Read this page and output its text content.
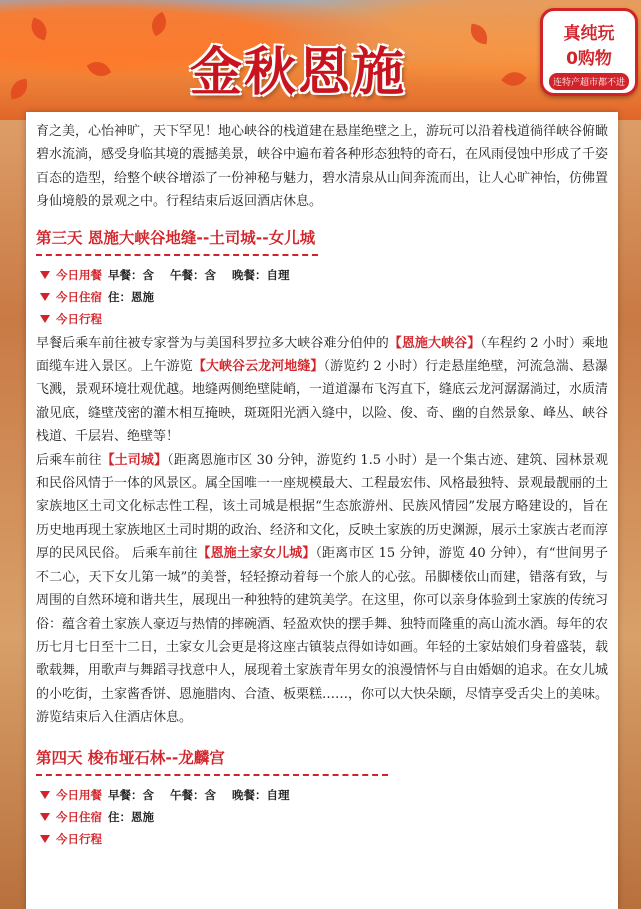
金秋恩施
真纯玩
0购物
连特产超市都不进

育之美，心怡神旷，天下罕见！地心峡谷的栈道建在悬崖绝壁之上，游玩可以沿着栈道徜徉峡谷俯瞰碧水流淌，感受身临其境的震撼美景，峡谷中遍布着各种形态独特的奇石，在风雨侵蚀中形成了千姿百态的造型，给整个峡谷增添了一份神秘与魅力，碧水清泉从山间奔流而出，让人心旷神怡，仿佛置身仙境般的景观之中。行程结束后返回酒店休息。

第三天 恩施大峡谷地缝--土司城--女儿城
今日用餐 早餐：含 午餐：含 晚餐：自理
今日住宿 住：恩施
今日行程

早餐后乘车前往被专家誉为与美国科罗拉多大峡谷难分伯仲的【恩施大峡谷】（车程约 2 小时）乘地面缆车进入景区。上午游览【大峡谷云龙河地缝】（游览约 2 小时）行走悬崖绝壁，河流急湍、悬瀑飞溅，景观环境壮观优越。地缝两侧绝壁陡峭，一道道瀑布飞泻直下，缝底云龙河潺潺淌过，水质清澈见底，缝壁茂密的灌木相互掩映，斑斑阳光洒入缝中，以险、俊、奇、幽的自然景象、峰丛、峡谷栈道、千层岩、绝壁等！

后乘车前往【土司城】（距离恩施市区 30 分钟，游览约 1.5 小时）是一个集古迹、建筑、园林景观和民俗风情于一体的风景区。属全国唯一一座规模最大、工程最宏伟、风格最独特、景观最靓丽的土家族地区土司文化标志性工程，该土司城是根据“生态旅游州、民族风情园”发展方略建设的，旨在历史地再现土家族地区土司时期的政治、经济和文化，反映土家族的历史渊源，展示土家族古老而淳厚的民风民俗。 后乘车前往【恩施土家女儿城】（距离市区 15 分钟，游览 40 分钟），有“世间男子不二心，天下女儿第一城”的美誉，轻轻撩动着每一个旅人的心弦。吊脚楼依山而建，错落有致，与周围的自然环境和谐共生，展现出一种独特的建筑美学。在这里，你可以亲身体验到土家族的传统习俗：蕴含着土家族人豪迈与热情的摔碗酒、轻盈欢快的摆手舞、独特而隆重的高山流水酒。每年的农历七月七日至十二日，土家女儿会更是将这座古镇装点得如诗如画。年轻的土家姑娘们身着盛装，载歌载舞，用歌声与舞蹈寻找意中人，展现着土家族青年男女的浪漫情怀与自由婚姻的追求。在女儿城的小吃街，土家酱香饼、恩施腊肉、合渣、板栗糕……，你可以大快朵颐，尽情享受舌尖上的美味。游览结束后入住酒店休息。

第四天 梭布垭石林--龙麟宫
今日用餐 早餐：含 午餐：含 晚餐：自理
今日住宿 住：恩施
今日行程
